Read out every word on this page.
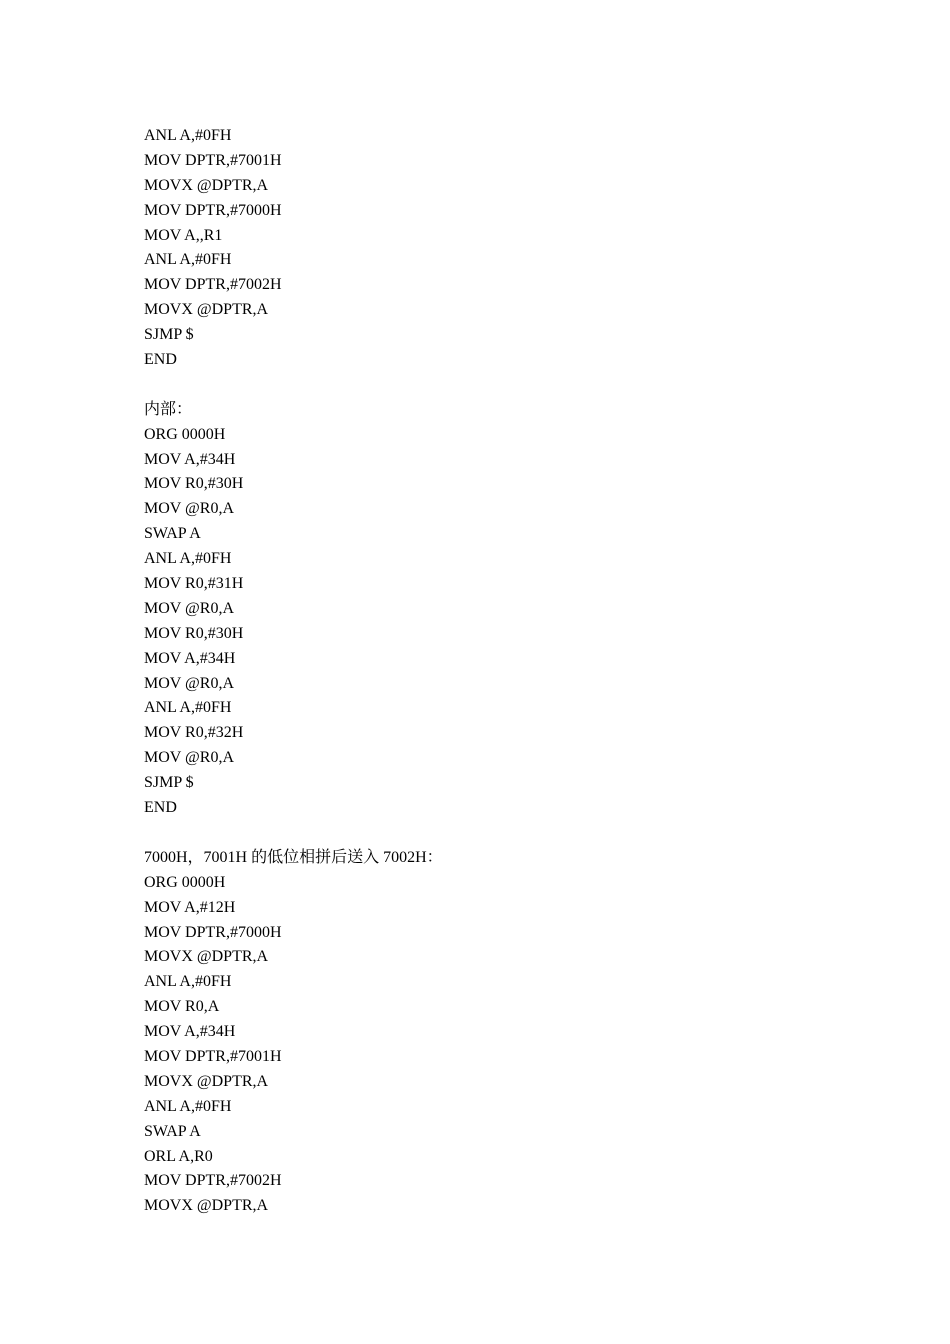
ANL A,#0FH
MOV DPTR,#7001H
MOVX @DPTR,A
MOV DPTR,#7000H
MOV A,,R1
ANL A,#0FH
MOV DPTR,#7002H
MOVX @DPTR,A
SJMP $
END
内部：
ORG 0000H
MOV A,#34H
MOV R0,#30H
MOV @R0,A
SWAP A
ANL A,#0FH
MOV R0,#31H
MOV @R0,A
MOV R0,#30H
MOV A,#34H
MOV @R0,A
ANL A,#0FH
MOV R0,#32H
MOV @R0,A
SJMP $
END
7000H，7001H 的低位相拼后送入 7002H：
ORG 0000H
MOV A,#12H
MOV DPTR,#7000H
MOVX @DPTR,A
ANL A,#0FH
MOV R0,A
MOV A,#34H
MOV DPTR,#7001H
MOVX @DPTR,A
ANL A,#0FH
SWAP A
ORL A,R0
MOV DPTR,#7002H
MOVX @DPTR,A
